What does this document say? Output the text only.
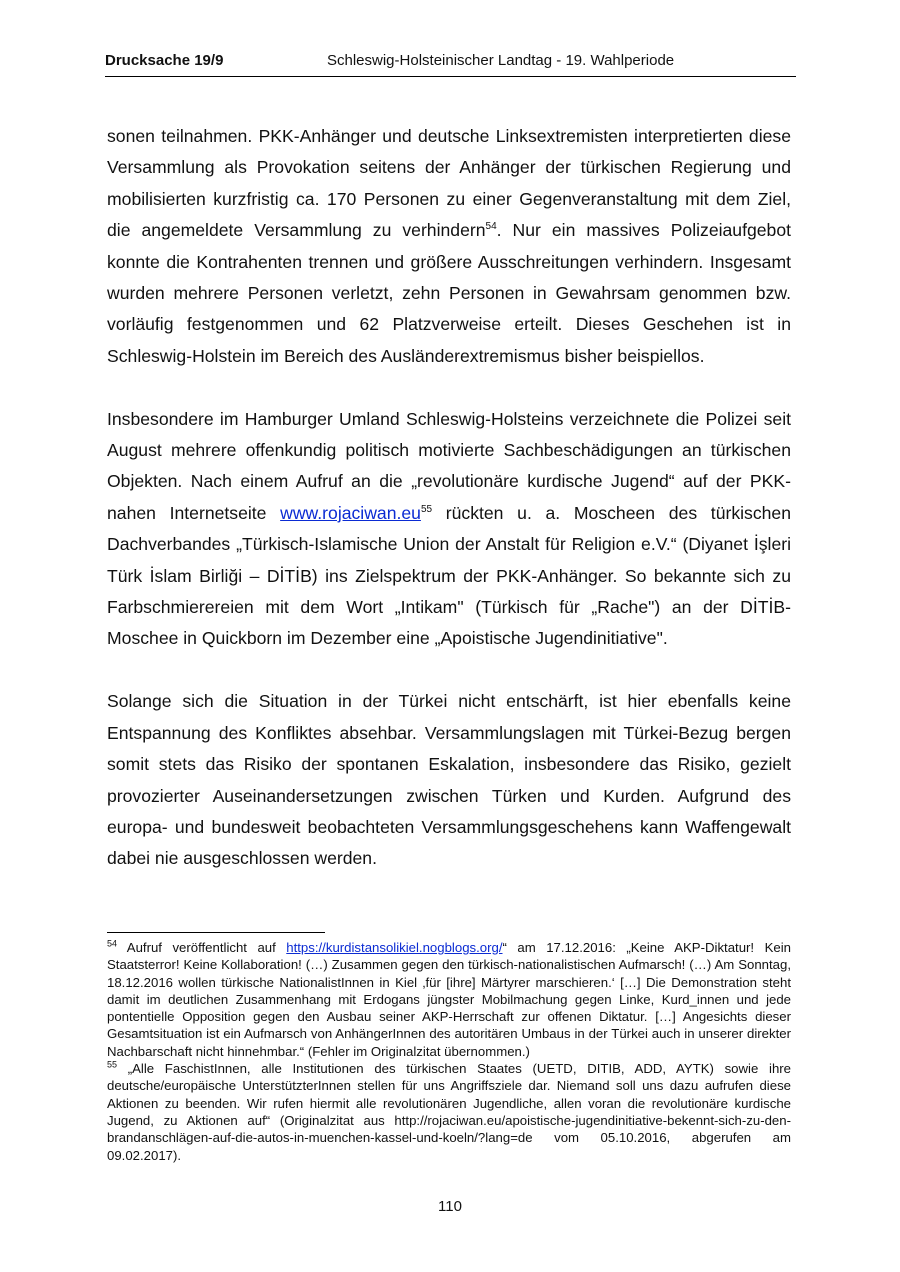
Drucksache 19/9	Schleswig-Holsteinischer Landtag - 19. Wahlperiode

sonen teilnahmen. PKK-Anhänger und deutsche Linksextremisten interpretierten diese Versammlung als Provokation seitens der Anhänger der türkischen Regierung und mobilisierten kurzfristig ca. 170 Personen zu einer Gegenveranstaltung mit dem Ziel, die angemeldete Versammlung zu verhindern$^{54}$. Nur ein massives Polizeiaufgebot konnte die Kontrahenten trennen und größere Ausschreitungen verhindern. Insgesamt wurden mehrere Personen verletzt, zehn Personen in Gewahrsam genommen bzw. vorläufig festgenommen und 62 Platzverweise erteilt. Dieses Geschehen ist in Schleswig-Holstein im Bereich des Ausländerextremismus bisher beispiellos.

Insbesondere im Hamburger Umland Schleswig-Holsteins verzeichnete die Polizei seit August mehrere offenkundig politisch motivierte Sachbeschädigungen an türkischen Objekten. Nach einem Aufruf an die „revolutionäre kurdische Jugend“ auf der PKK-nahen Internetseite $www.rojaciwan.eu^{55}$ rückten u. a. Moscheen des türkischen Dachverbandes „Türkisch-Islamische Union der Anstalt für Religion e.V.“ (Diyanet İşleri Türk İslam Birliği – DİTİB) ins Zielspektrum der PKK-Anhänger. So bekannte sich zu Farbschmierereien mit dem Wort „Intikam" (Türkisch für „Rache") an der DİTİB-Moschee in Quickborn im Dezember eine „Apoistische Jugendinitiative".

Solange sich die Situation in der Türkei nicht entschärft, ist hier ebenfalls keine Entspannung des Konfliktes absehbar. Versammlungslagen mit Türkei-Bezug bergen somit stets das Risiko der spontanen Eskalation, insbesondere das Risiko, gezielt provozierter Auseinandersetzungen zwischen Türken und Kurden. Aufgrund des europa- und bundesweit beobachteten Versammlungsgeschehens kann Waffengewalt dabei nie ausgeschlossen werden.

$^{54}$ Aufruf veröffentlicht auf https://kurdistansolikiel.nogblogs.org/“ am 17.12.2016: „Keine AKP-Diktatur! Kein Staatsterror! Keine Kollaboration! (…) Zusammen gegen den türkisch-nationalistischen Aufmarsch! (…) Am Sonntag, 18.12.2016 wollen türkische NationalistInnen in Kiel ‚für [ihre] Märtyrer marschieren.‘ […] Die Demonstration steht damit im deutlichen Zusammenhang mit Erdogans jüngster Mobilmachung gegen Linke, Kurd_innen und jede pontentielle Opposition gegen den Ausbau seiner AKP-Herrschaft zur offenen Diktatur. […] Angesichts dieser Gesamtsituation ist ein Aufmarsch von AnhängerInnen des autoritären Umbaus in der Türkei auch in unserer direkter Nachbarschaft nicht hinnehmbar.“ (Fehler im Originalzitat übernommen.)

$^{55}$ „Alle FaschistInnen, alle Institutionen des türkischen Staates (UETD, DITIB, ADD, AYTK) sowie ihre deutsche/europäische UnterstützterInnen stellen für uns Angriffsziele dar. Niemand soll uns dazu aufrufen diese Aktionen zu beenden. Wir rufen hiermit alle revolutionären Jugendliche, allen voran die revolutionäre kurdische Jugend, zu Aktionen auf“ (Originalzitat aus http://rojaciwan.eu/apoistische-jugendinitiative-bekennt-sich-zu-den-brandanschlägen-auf-die-autos-in-muenchen-kassel-und-koeln/?lang=de vom 05.10.2016, abgerufen am 09.02.2017).

110
